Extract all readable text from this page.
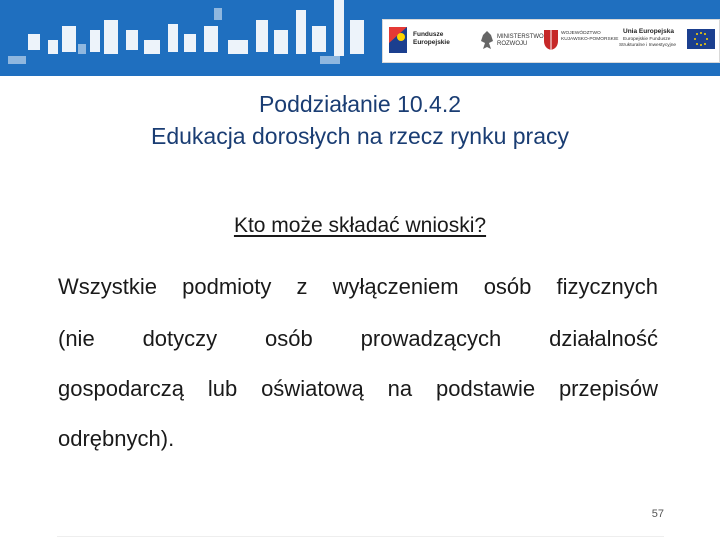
Fundusze
Europejskie
MINISTERSTWO
ROZWOJU
WOJEWÓDZTWO
KUJAWSKO-POMORSKIE
Unia Europejska
Europejskie Fundusze
Strukturalne i Inwestycyjne
Poddziałanie 10.4.2
Edukacja dorosłych na rzecz rynku pracy
Kto może składać wnioski?
Wszystkie podmioty z wyłączeniem osób fizycznych
(nie dotyczy osób prowadzących działalność
gospodarczą lub oświatową na podstawie przepisów
odrębnych).
57
